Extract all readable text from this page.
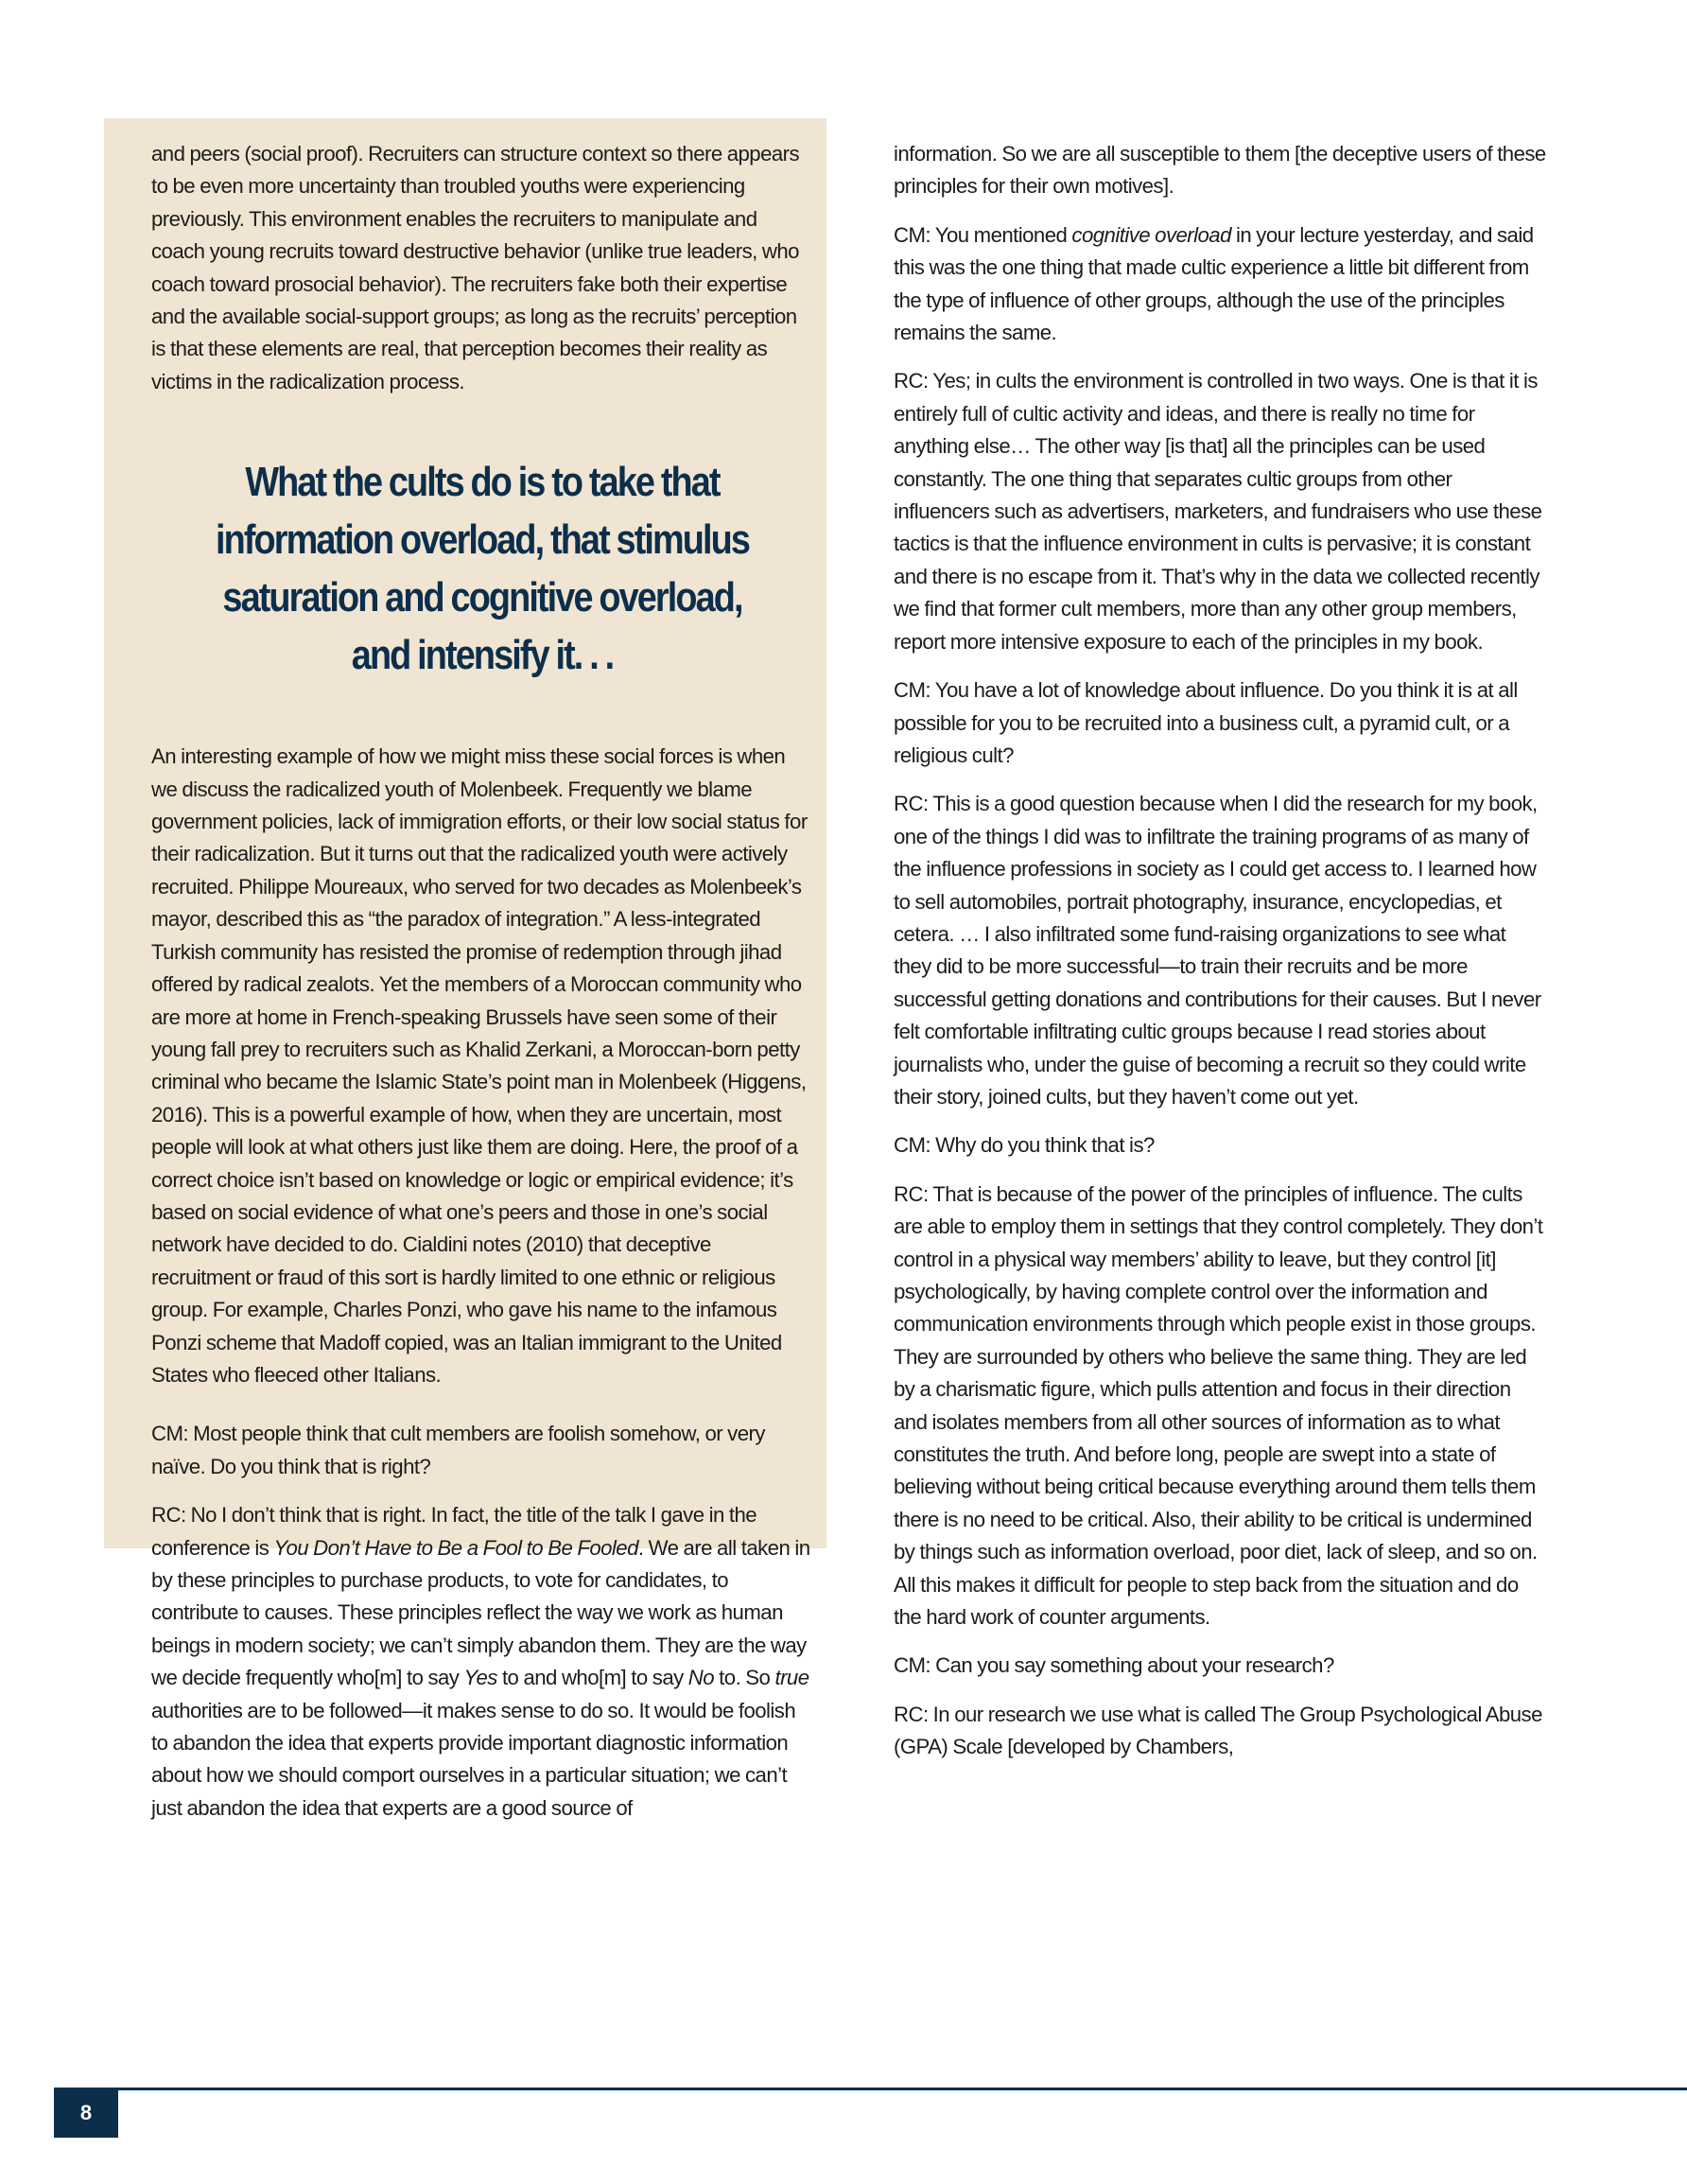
and peers (social proof). Recruiters can structure context so there appears to be even more uncertainty than troubled youths were experiencing previously. This environment enables the recruiters to manipulate and coach young recruits toward destructive behavior (unlike true leaders, who coach toward prosocial behavior). The recruiters fake both their expertise and the available social-support groups; as long as the recruits’ perception is that these elements are real, that perception becomes their reality as victims in the radicalization process.

What the cults do is to take that information overload, that stimulus saturation and cognitive overload, and intensify it. . .

An interesting example of how we might miss these social forces is when we discuss the radicalized youth of Molenbeek. Frequently we blame government policies, lack of immigration efforts, or their low social status for their radicalization. But it turns out that the radicalized youth were actively recruited. Philippe Moureaux, who served for two decades as Molenbeek’s mayor, described this as “the paradox of integration.” A less-integrated Turkish community has resisted the promise of redemption through jihad offered by radical zealots. Yet the members of a Moroccan community who are more at home in French-speaking Brussels have seen some of their young fall prey to recruiters such as Khalid Zerkani, a Moroccan-born petty criminal who became the Islamic State’s point man in Molenbeek (Higgens, 2016). This is a powerful example of how, when they are uncertain, most people will look at what others just like them are doing. Here, the proof of a correct choice isn’t based on knowledge or logic or empirical evidence; it’s based on social evidence of what one’s peers and those in one’s social network have decided to do. Cialdini notes (2010) that deceptive recruitment or fraud of this sort is hardly limited to one ethnic or religious group. For example, Charles Ponzi, who gave his name to the infamous Ponzi scheme that Madoff copied, was an Italian immigrant to the United States who fleeced other Italians.

CM: Most people think that cult members are foolish somehow, or very naïve. Do you think that is right?

RC: No I don’t think that is right. In fact, the title of the talk I gave in the conference is You Don’t Have to Be a Fool to Be Fooled. We are all taken in by these principles to purchase products, to vote for candidates, to contribute to causes. These principles reflect the way we work as human beings in modern society; we can’t simply abandon them. They are the way we decide frequently who[m] to say Yes to and who[m] to say No to. So true authorities are to be followed—it makes sense to do so. It would be foolish to abandon the idea that experts provide important diagnostic information about how we should comport ourselves in a particular situation; we can’t just abandon the idea that experts are a good source of

information. So we are all susceptible to them [the deceptive users of these principles for their own motives].

CM: You mentioned cognitive overload in your lecture yesterday, and said this was the one thing that made cultic experience a little bit different from the type of influence of other groups, although the use of the principles remains the same.

RC: Yes; in cults the environment is controlled in two ways. One is that it is entirely full of cultic activity and ideas, and there is really no time for anything else… The other way [is that] all the principles can be used constantly. The one thing that separates cultic groups from other influencers such as advertisers, marketers, and fundraisers who use these tactics is that the influence environment in cults is pervasive; it is constant and there is no escape from it. That’s why in the data we collected recently we find that former cult members, more than any other group members, report more intensive exposure to each of the principles in my book.

CM: You have a lot of knowledge about influence. Do you think it is at all possible for you to be recruited into a business cult, a pyramid cult, or a religious cult?

RC: This is a good question because when I did the research for my book, one of the things I did was to infiltrate the training programs of as many of the influence professions in society as I could get access to. I learned how to sell automobiles, portrait photography, insurance, encyclopedias, et cetera. … I also infiltrated some fund-raising organizations to see what they did to be more successful—to train their recruits and be more successful getting donations and contributions for their causes. But I never felt comfortable infiltrating cultic groups because I read stories about journalists who, under the guise of becoming a recruit so they could write their story, joined cults, but they haven’t come out yet.

CM: Why do you think that is?

RC: That is because of the power of the principles of influence. The cults are able to employ them in settings that they control completely. They don’t control in a physical way members’ ability to leave, but they control [it] psychologically, by having complete control over the information and communication environments through which people exist in those groups. They are surrounded by others who believe the same thing. They are led by a charismatic figure, which pulls attention and focus in their direction and isolates members from all other sources of information as to what constitutes the truth. And before long, people are swept into a state of believing without being critical because everything around them tells them there is no need to be critical. Also, their ability to be critical is undermined by things such as information overload, poor diet, lack of sleep, and so on. All this makes it difficult for people to step back from the situation and do the hard work of counter arguments.

CM: Can you say something about your research?

RC: In our research we use what is called The Group Psychological Abuse (GPA) Scale [developed by Chambers,

8
